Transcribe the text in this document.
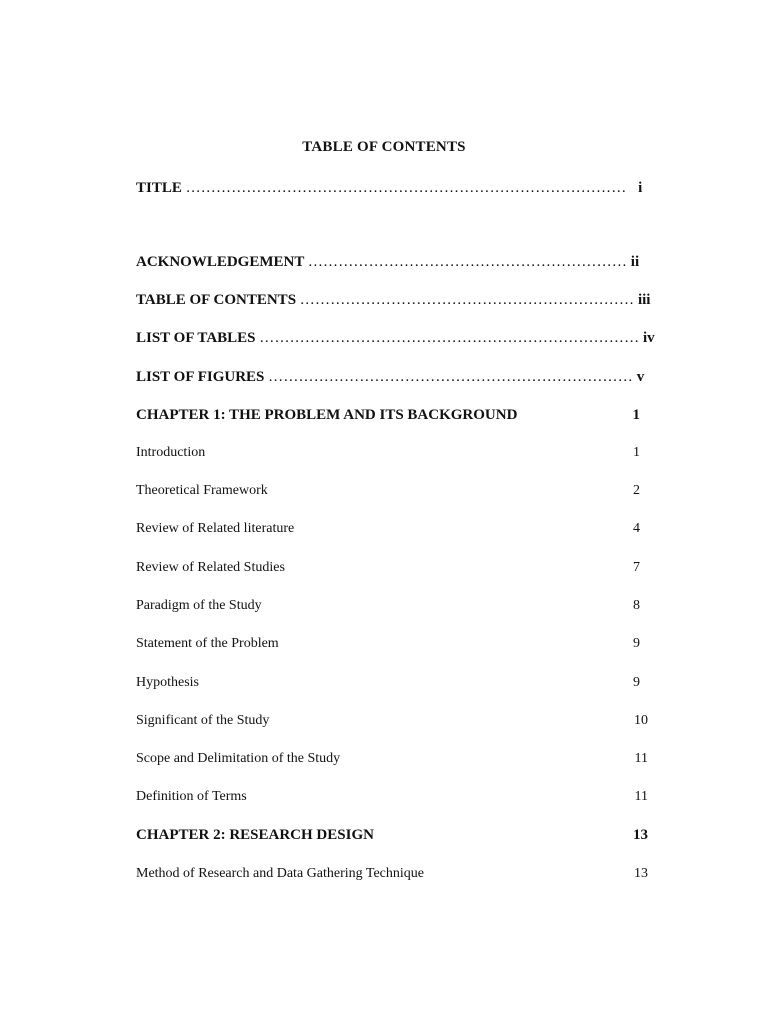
TABLE OF CONTENTS
TITLE …………………………………………………………………………… i
ACKNOWLEDGEMENT ……………………………………………………… ii
TABLE OF CONTENTS ………………………………………………………… iii
LIST OF TABLES ………………………………………………………………… iv
LIST OF FIGURES ……………………………………………………………… v
CHAPTER 1: THE PROBLEM AND ITS BACKGROUND	1
Introduction	1
Theoretical Framework	2
Review of Related literature	4
Review of Related Studies	7
Paradigm of the Study	8
Statement of the Problem	9
Hypothesis	9
Significant of the Study	10
Scope and Delimitation of the Study	11
Definition of Terms	11
CHAPTER 2: RESEARCH DESIGN	13
Method of Research and Data Gathering Technique	13
